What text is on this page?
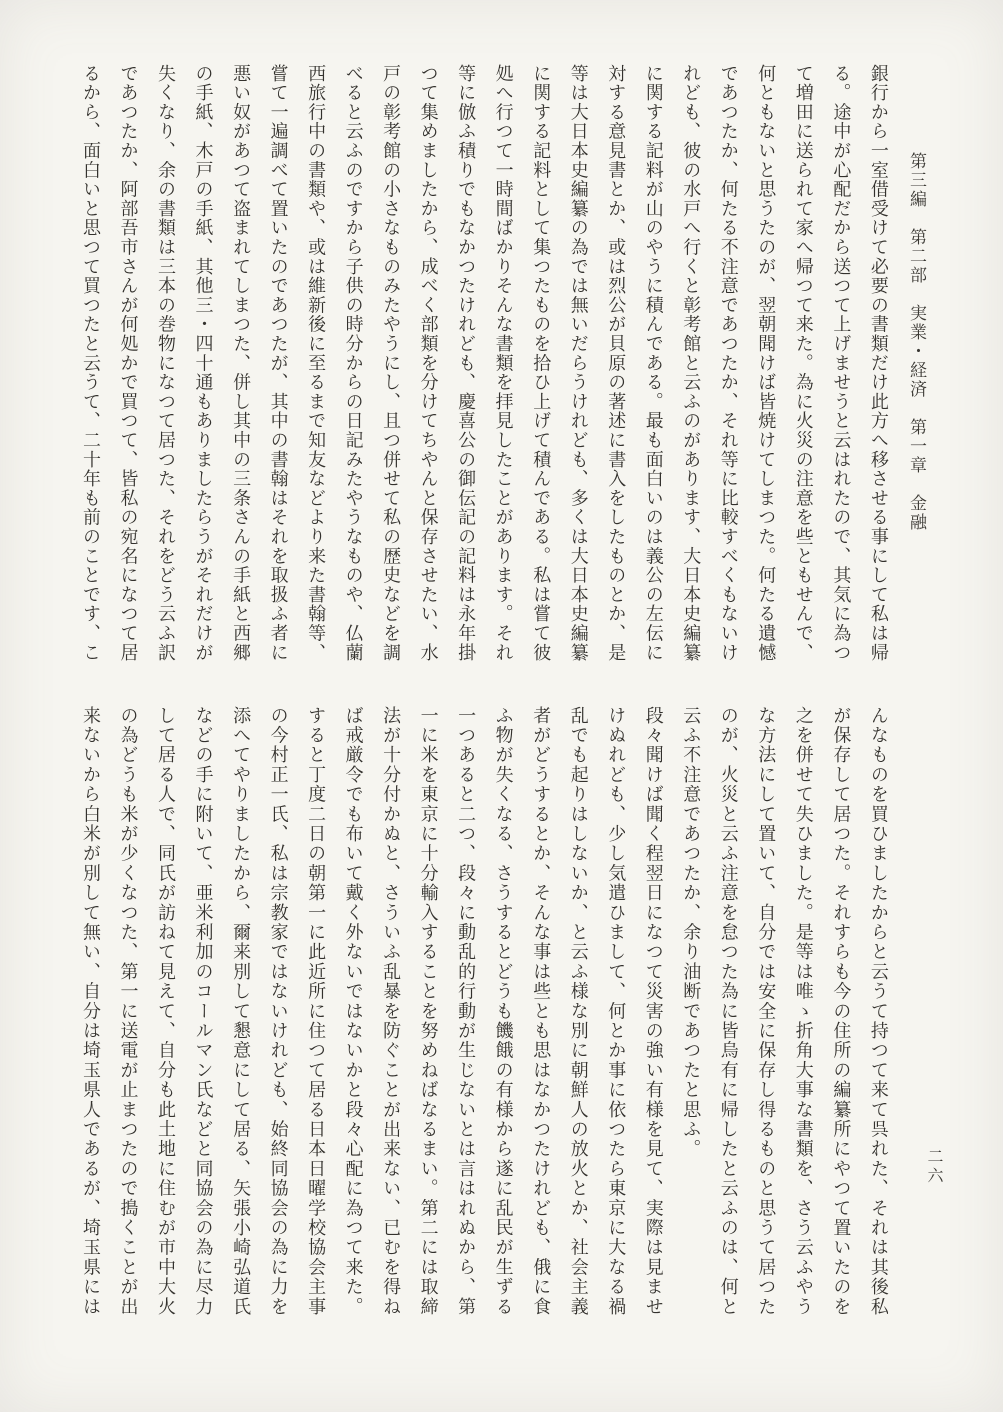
第三編　第二部　実業・経済　第一章　金融
銀行から一室借受けて必要の書類だけ此方へ移させる事にして私は帰
る。途中が心配だから送つて上げませうと云はれたので、其気に為つ
て増田に送られて家へ帰つて来た。為に火災の注意を些ともせんで、
何ともないと思うたのが、翌朝聞けば皆焼けてしまつた。何たる遺憾
であつたか、何たる不注意であつたか、それ等に比較すべくもないけ
れども、彼の水戸へ行くと彰考館と云ふのがあります、大日本史編纂
に関する記料が山のやうに積んである。最も面白いのは義公の左伝に
対する意見書とか、或は烈公が貝原の著述に書入をしたものとか、是
等は大日本史編纂の為では無いだらうけれども、多くは大日本史編纂
に関する記料として集つたものを拾ひ上げて積んである。私は嘗て彼
処へ行つて一時間ばかりそんな書類を拝見したことがあります。それ
等に倣ふ積りでもなかつたけれども、慶喜公の御伝記の記料は永年掛
つて集めましたから、成べく部類を分けてちやんと保存させたい、水
戸の彰考館の小さなものみたやうにし、且つ併せて私の歴史などを調
べると云ふのですから子供の時分からの日記みたやうなものや、仏蘭
西旅行中の書類や、或は維新後に至るまで知友などより来た書翰等、
嘗て一遍調べて置いたのであつたが、其中の書翰はそれを取扱ふ者に
悪い奴があつて盗まれてしまつた、併し其中の三条さんの手紙と西郷
の手紙、木戸の手紙、其他三・四十通もありましたらうがそれだけが
失くなり、余の書類は三本の巻物になつて居つた、それをどう云ふ訳
であつたか、阿部吾市さんが何処かで買つて、皆私の宛名になつて居
るから、面白いと思つて買つたと云うて、二十年も前のことです、こ
んなものを買ひましたからと云うて持つて来て呉れた、それは其後私
が保存して居つた。それすらも今の住所の編纂所にやつて置いたのを
之を併せて失ひました。是等は唯ゝ折角大事な書類を、さう云ふやう
な方法にして置いて、自分では安全に保存し得るものと思うて居つた
のが、火災と云ふ注意を怠つた為に皆烏有に帰したと云ふのは、何と
云ふ不注意であつたか、余り油断であつたと思ふ。
段々聞けば聞く程翌日になつて災害の強い有様を見て、実際は見ませ
けぬれども、少し気遣ひまして、何とか事に依つたら東京に大なる禍
乱でも起りはしないか、と云ふ様な別に朝鮮人の放火とか、社会主義
者がどうするとか、そんな事は些とも思はなかつたけれども、俄に食
ふ物が失くなる、さうするとどうも饑餓の有様から遂に乱民が生ずる
一つあると二つ、段々に動乱的行動が生じないとは言はれぬから、第
一に米を東京に十分輸入することを努めねばなるまい。第二には取締
法が十分付かぬと、さういふ乱暴を防ぐことが出来ない、已むを得ね
ば戒厳令でも布いて戴く外ないではないかと段々心配に為つて来た。
すると丁度二日の朝第一に此近所に住つて居る日本日曜学校協会主事
の今村正一氏、私は宗教家ではないけれども、始終同協会の為に力を
添へてやりましたから、爾来別して懇意にして居る、矢張小崎弘道氏
などの手に附いて、亜米利加のコールマン氏などと同協会の為に尽力
して居る人で、同氏が訪ねて見えて、自分も此土地に住むが市中大火
の為どうも米が少くなつた、第一に送電が止まつたので搗くことが出
来ないから白米が別して無い、自分は埼玉県人であるが、埼玉県には	二六
